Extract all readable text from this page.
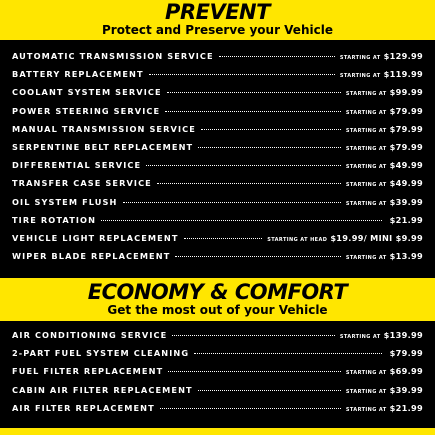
PREVENT
Protect and Preserve your Vehicle
AUTOMATIC TRANSMISSION SERVICE	STARTING AT $129.99
BATTERY REPLACEMENT	STARTING AT $119.99
COOLANT SYSTEM SERVICE	STARTING AT $99.99
POWER STEERING SERVICE	STARTING AT $79.99
MANUAL TRANSMISSION SERVICE	STARTING AT $79.99
SERPENTINE BELT REPLACEMENT	STARTING AT $79.99
DIFFERENTIAL SERVICE	STARTING AT $49.99
TRANSFER CASE SERVICE	STARTING AT $49.99
OIL SYSTEM FLUSH	STARTING AT $39.99
TIRE ROTATION	$21.99
VEHICLE LIGHT REPLACEMENT	STARTING AT HEAD $19.99/ MINI $9.99
WIPER BLADE REPLACEMENT	STARTING AT $13.99
ECONOMY & COMFORT
Get the most out of your Vehicle
AIR CONDITIONING SERVICE	STARTING AT $139.99
2-PART FUEL SYSTEM CLEANING	$79.99
FUEL FILTER REPLACEMENT	STARTING AT $69.99
CABIN AIR FILTER REPLACEMENT	STARTING AT $39.99
AIR FILTER REPLACEMENT	STARTING AT $21.99
